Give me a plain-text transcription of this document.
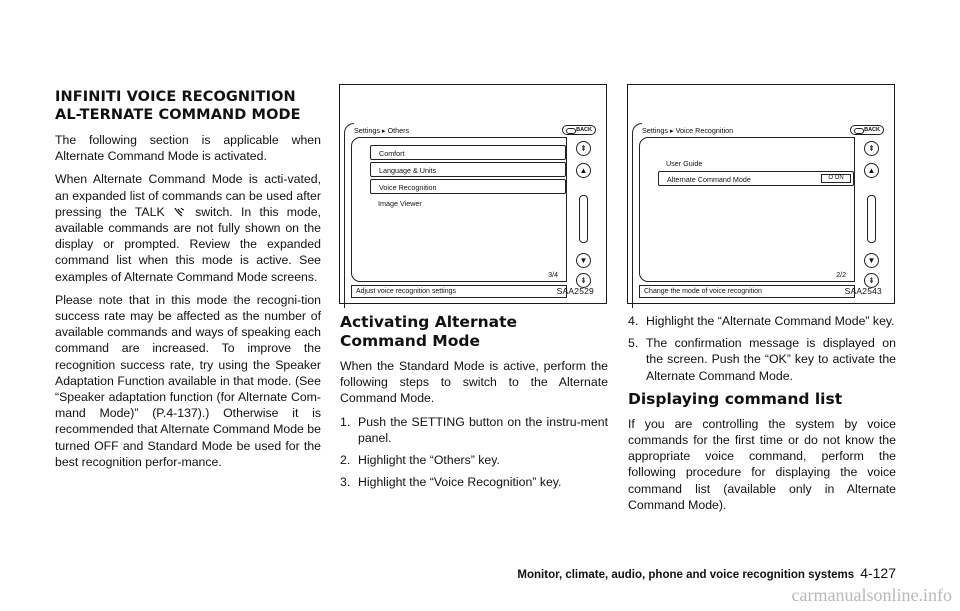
INFINITI VOICE RECOGNITION AL-TERNATE COMMAND MODE

The following section is applicable when Alternate Command Mode is activated.

When Alternate Command Mode is acti-vated, an expanded list of commands can be used after pressing the TALK  switch. In this mode, available commands are not fully shown on the display or prompted. Review the expanded command list when this mode is active. See examples of Alternate Command Mode screens.

Please note that in this mode the recogni-tion success rate may be affected as the number of available commands and ways of speaking each command are increased. To improve the recognition success rate, try using the Speaker Adaptation Function available in that mode. (See “Speaker adaptation function (for Alternate Com-mand Mode)” (P.4-137).) Otherwise it is recommended that Alternate Command Mode be turned OFF and Standard Mode be used for the best recognition perfor-mance.

Settings ▸ Others	BACK
Comfort
Language & Units
Voice Recognition
Image Viewer
3/4
Adjust voice recognition settings
⇞
▲
▼
⇟
SAA2529
Settings ▸ Voice Recognition	BACK
User Guide
Alternate Command Mode	O ON
2/2
Change the mode of voice recognition
⇞
▲
▼
⇟
SAA2543
Activating Alternate Command Mode

When the Standard Mode is active, perform the following steps to switch to the Alternate Command Mode.

1. Push the SETTING button on the instru-ment panel.
2. Highlight the “Others” key.
3. Highlight the “Voice Recognition” key.
4. Highlight the “Alternate Command Mode” key.
5. The confirmation message is displayed on the screen. Push the “OK” key to activate the Alternate Command Mode.
Displaying command list

If you are controlling the system by voice commands for the first time or do not know the appropriate voice command, perform the following procedure for displaying the voice command list (available only in Alternate Command Mode).

Monitor, climate, audio, phone and voice recognition systems 4-127
carmanualsonline.info
